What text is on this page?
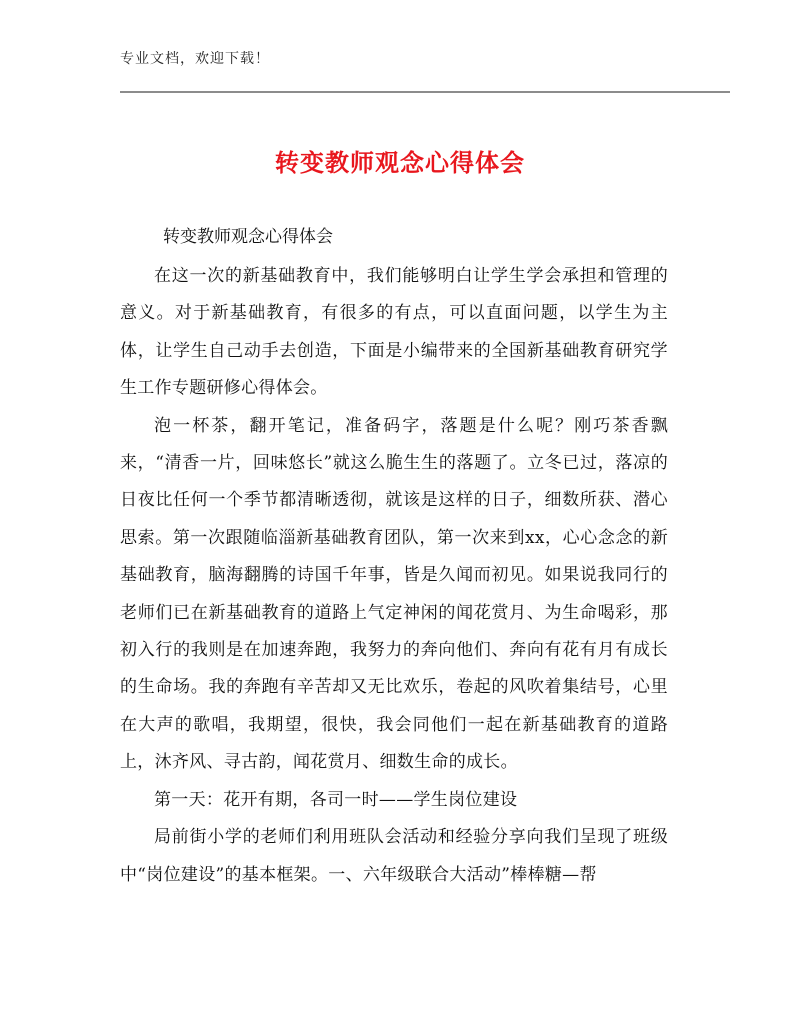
专业文档，欢迎下载！
转变教师观念心得体会
转变教师观念心得体会

在这一次的新基础教育中，我们能够明白让学生学会承担和管理的意义。对于新基础教育，有很多的有点，可以直面问题，以学生为主体，让学生自己动手去创造，下面是小编带来的全国新基础教育研究学生工作专题研修心得体会。

泡一杯茶，翻开笔记，准备码字，落题是什么呢？刚巧茶香飘来，“清香一片，回味悠长”就这么脆生生的落题了。立冬已过，落凉的日夜比任何一个季节都清晰透彻，就该是这样的日子，细数所获、潜心思索。第一次跟随临淄新基础教育团队，第一次来到xx，心心念念的新基础教育，脑海翻腾的诗国千年事，皆是久闻而初见。如果说我同行的老师们已在新基础教育的道路上气定神闲的闻花赏月、为生命喝彩，那初入行的我则是在加速奔跑，我努力的奔向他们、奔向有花有月有成长的生命场。我的奔跑有辛苦却又无比欢乐，卷起的风吹着集结号，心里在大声的歌唱，我期望，很快，我会同他们一起在新基础教育的道路上，沐齐风、寻古韵，闻花赏月、细数生命的成长。

第一天：花开有期，各司一时——学生岗位建设

局前街小学的老师们利用班队会活动和经验分享向我们呈现了班级中“岗位建设”的基本框架。一、六年级联合大活动”棒棒糖—帮
